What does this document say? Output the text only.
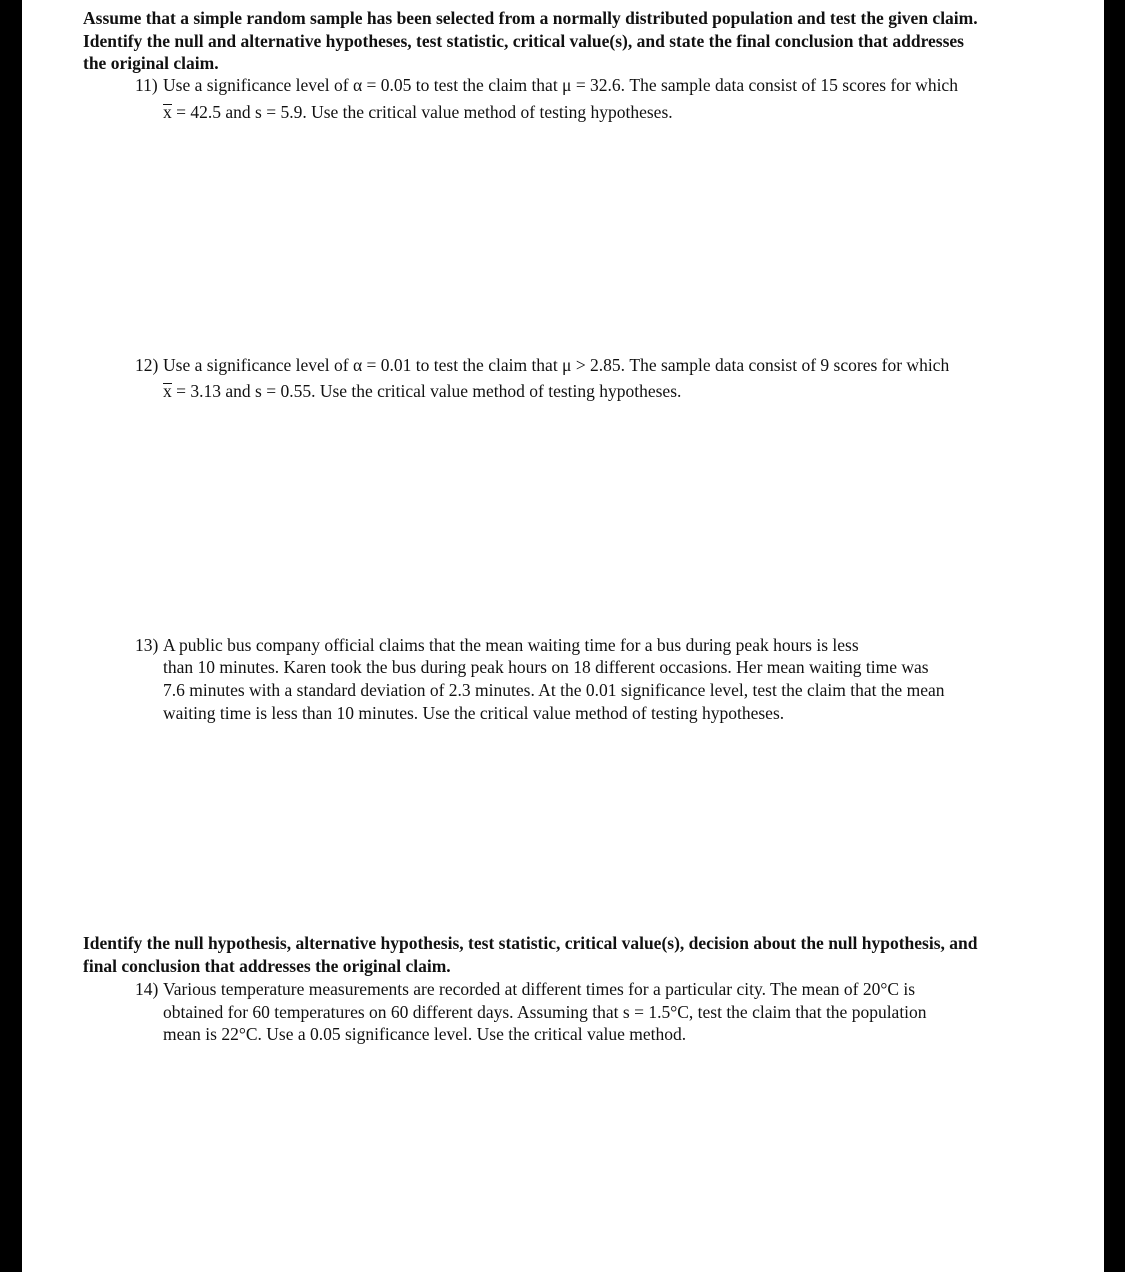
Assume that a simple random sample has been selected from a normally distributed population and test the given claim.
Identify the null and alternative hypotheses, test statistic, critical value(s), and state the final conclusion that addresses
the original claim.
11) Use a significance level of α = 0.05 to test the claim that μ = 32.6. The sample data consist of 15 scores for which
x = 42.5 and s = 5.9. Use the critical value method of testing hypotheses.
12) Use a significance level of α = 0.01 to test the claim that μ > 2.85. The sample data consist of 9 scores for which
x = 3.13 and s = 0.55. Use the critical value method of testing hypotheses.
13) A public bus company official claims that the mean waiting time for a bus during peak hours is less
than 10 minutes. Karen took the bus during peak hours on 18 different occasions. Her mean waiting time was
7.6 minutes with a standard deviation of 2.3 minutes. At the 0.01 significance level, test the claim that the mean
waiting time is less than 10 minutes. Use the critical value method of testing hypotheses.
Identify the null hypothesis, alternative hypothesis, test statistic, critical value(s), decision about the null hypothesis, and
final conclusion that addresses the original claim.
14) Various temperature measurements are recorded at different times for a particular city. The mean of 20°C is
obtained for 60 temperatures on 60 different days. Assuming that s = 1.5°C, test the claim that the population
mean is 22°C. Use a 0.05 significance level. Use the critical value method.
